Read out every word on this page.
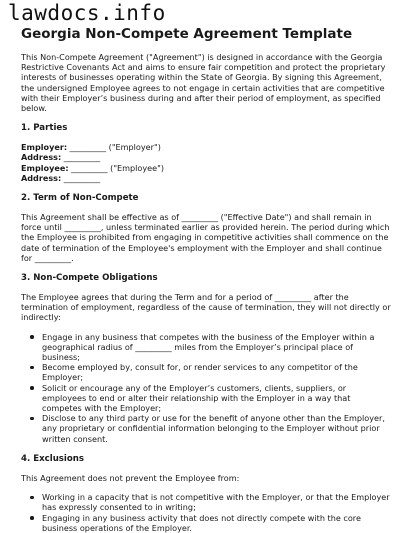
lawdocs.info
Georgia Non-Compete Agreement Template

This Non-Compete Agreement ("Agreement") is designed in accordance with the Georgia Restrictive Covenants Act and aims to ensure fair competition and protect the proprietary interests of businesses operating within the State of Georgia. By signing this Agreement, the undersigned Employee agrees to not engage in certain activities that are competitive with their Employer’s business during and after their period of employment, as specified below.

1. Parties

Employer: _________ ("Employer")

Address: _________

Employee: _________ ("Employee")

Address: _________

2. Term of Non-Compete

This Agreement shall be effective as of _________ ("Effective Date") and shall remain in force until _________, unless terminated earlier as provided herein. The period during which the Employee is prohibited from engaging in competitive activities shall commence on the date of termination of the Employee's employment with the Employer and shall continue for _________.

3. Non-Compete Obligations

The Employee agrees that during the Term and for a period of _________ after the termination of employment, regardless of the cause of termination, they will not directly or indirectly:

Engage in any business that competes with the business of the Employer within a geographical radius of _________ miles from the Employer’s principal place of business;
Become employed by, consult for, or render services to any competitor of the Employer;
Solicit or encourage any of the Employer’s customers, clients, suppliers, or employees to end or alter their relationship with the Employer in a way that competes with the Employer;
Disclose to any third party or use for the benefit of anyone other than the Employer, any proprietary or confidential information belonging to the Employer without prior written consent.
4. Exclusions

This Agreement does not prevent the Employee from:

Working in a capacity that is not competitive with the Employer, or that the Employer has expressly consented to in writing;
Engaging in any business activity that does not directly compete with the core business operations of the Employer.
